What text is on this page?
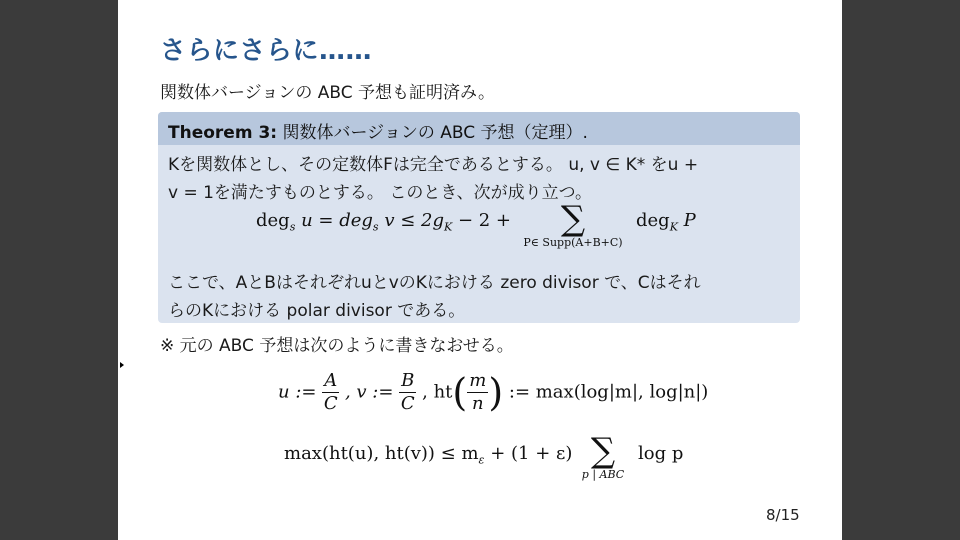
さらにさらに……
関数体バージョンの ABC 予想も証明済み。
Theorem 3: 関数体バージョンの ABC 予想（定理）.
Kを関数体とし、その定数体Fは完全であるとする。 u, v ∈ K* をu +
v = 1を満たすものとする。 このとき、次が成り立つ。
deg$_s$ u = deg$_s$ $v \le 2g_K - 2$ +	∑
P∈ Supp(A+B+C)
deg$_K$ P
ここで、AとBはそれぞれuとvのKにおける zero divisor で、Cはそれ
らのKにおける polar divisor である。
※ 元の ABC 予想は次のように書きなおせる。
u := $\frac{A}{C}$ , v := $\frac{B}{C}$ , $ht( \frac{m}{n}$ ) := max(log|m|, log|n|)
max(ht(u), $ht(v)) \le m_\varepsilon + (1 + \varepsilon)$ ∑
p | ABC
log p
8/15
